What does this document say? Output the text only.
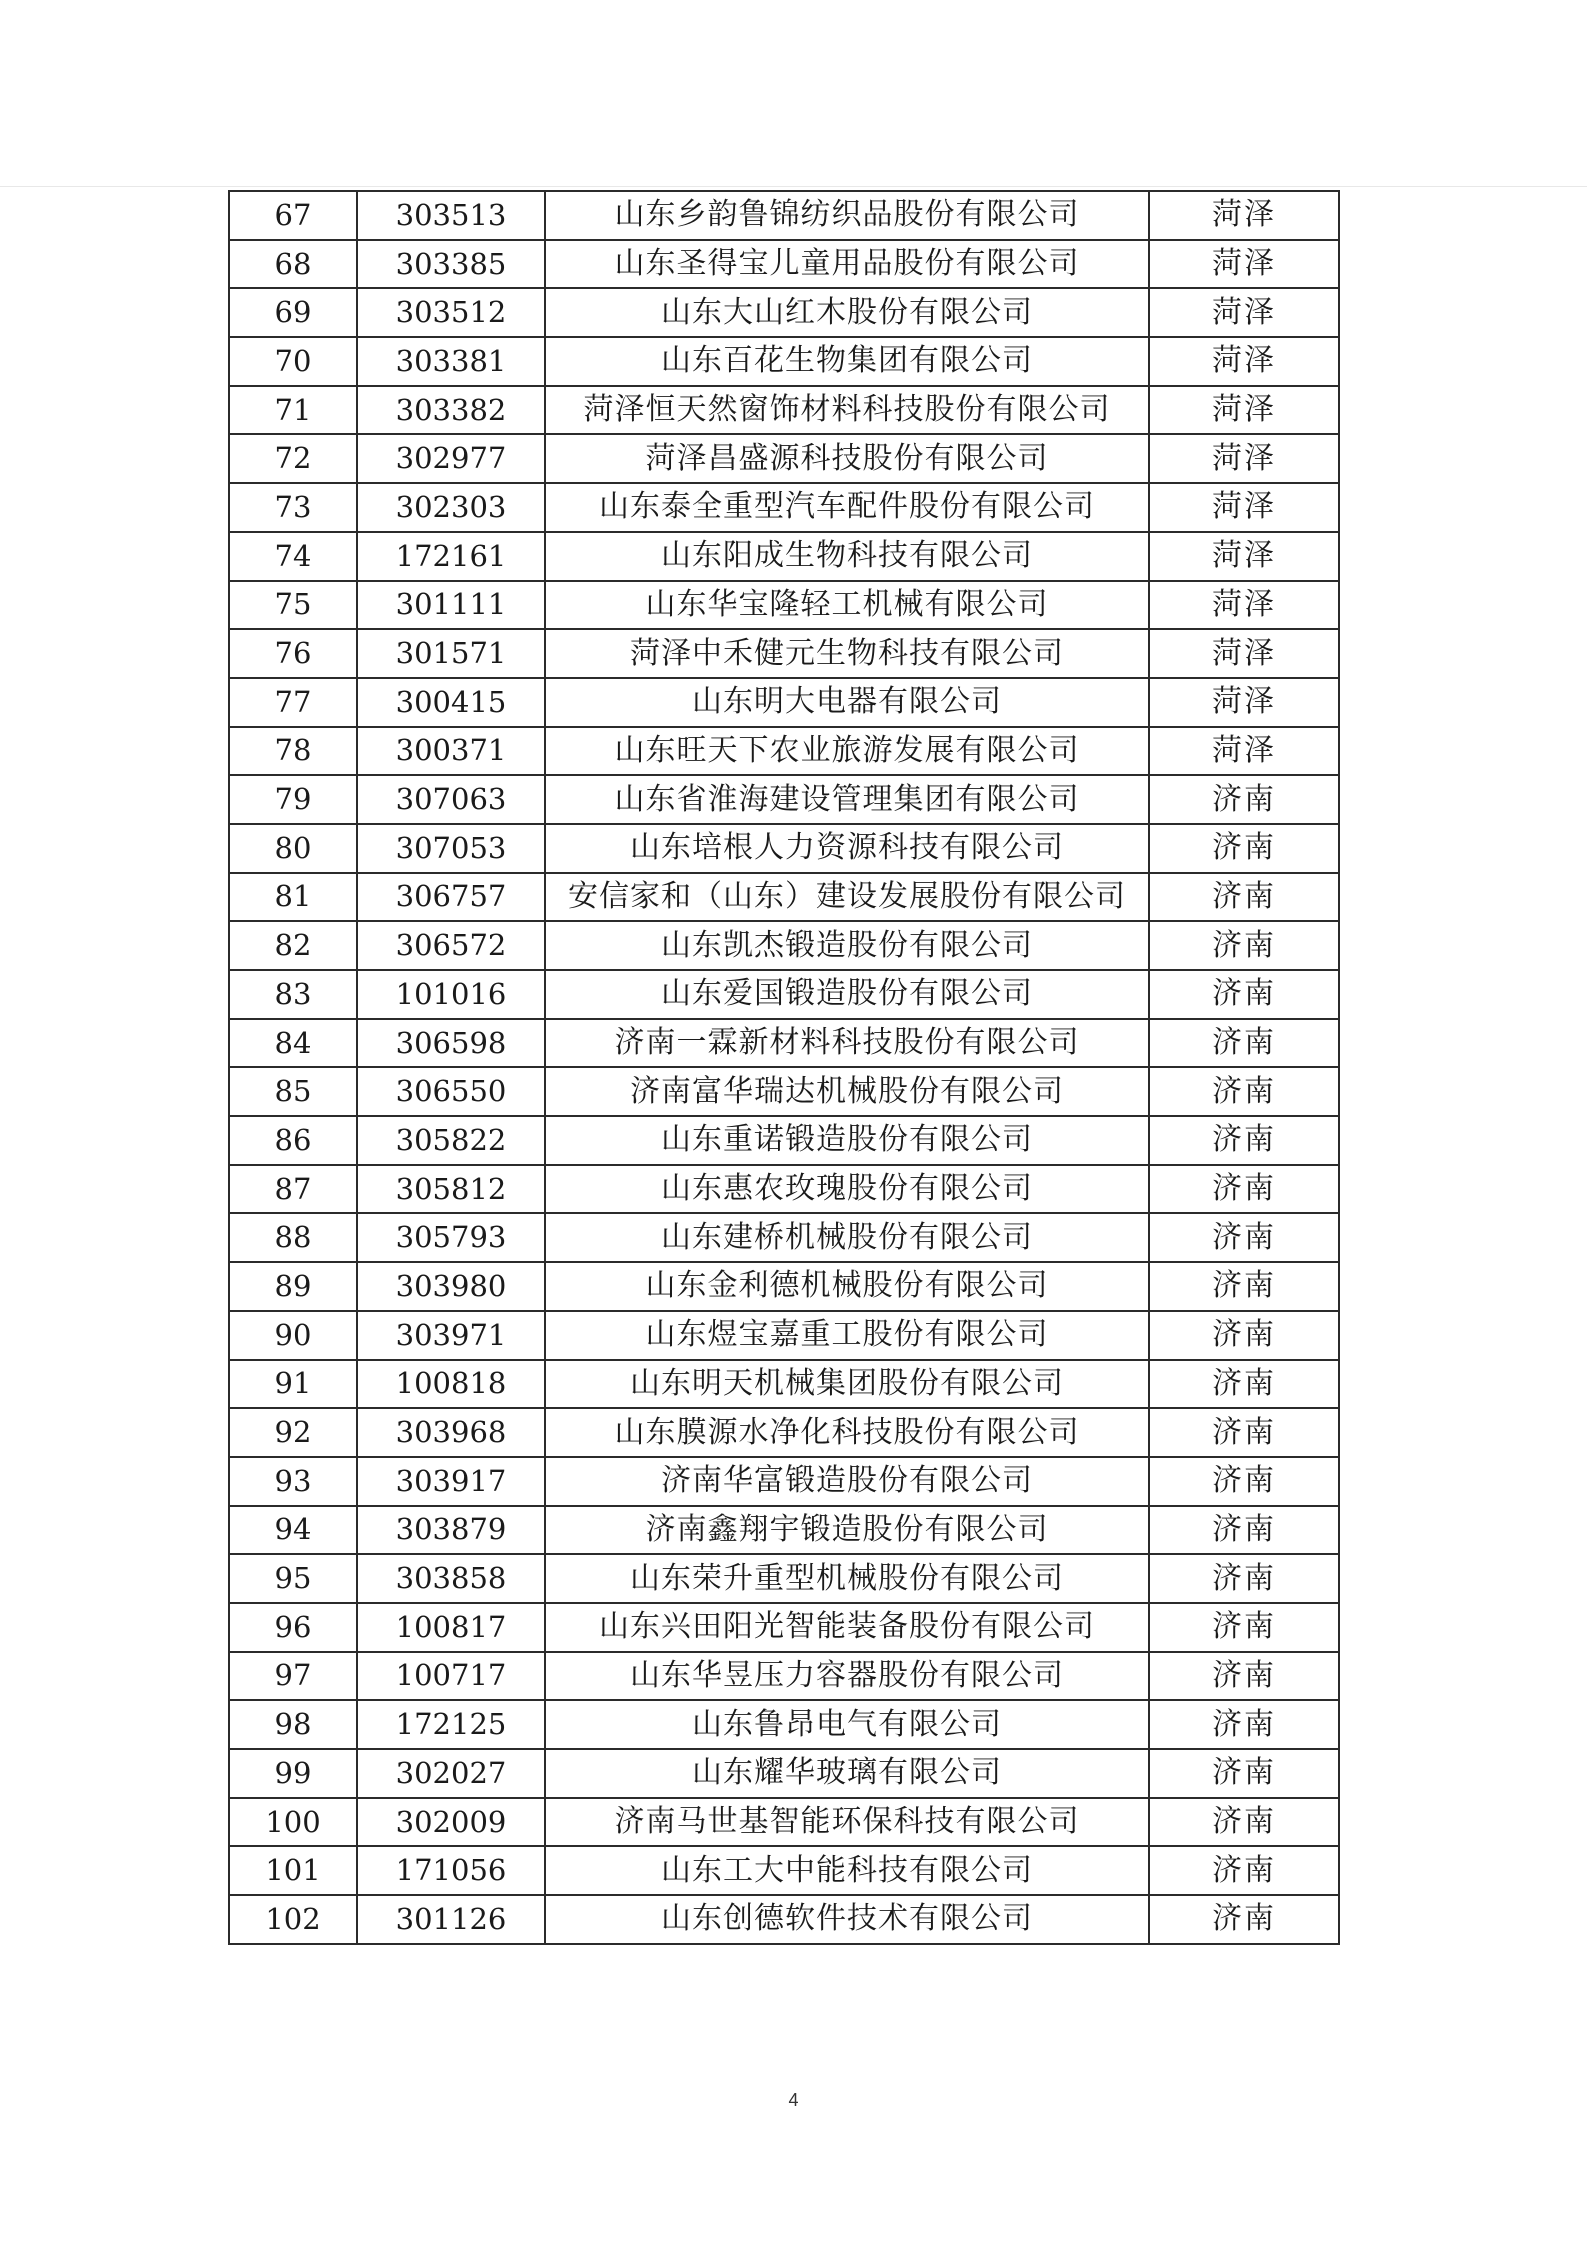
67	303513	山东乡韵鲁锦纺织品股份有限公司	菏泽
68	303385	山东圣得宝儿童用品股份有限公司	菏泽
69	303512	山东大山红木股份有限公司	菏泽
70	303381	山东百花生物集团有限公司	菏泽
71	303382	菏泽恒天然窗饰材料科技股份有限公司	菏泽
72	302977	菏泽昌盛源科技股份有限公司	菏泽
73	302303	山东泰全重型汽车配件股份有限公司	菏泽
74	172161	山东阳成生物科技有限公司	菏泽
75	301111	山东华宝隆轻工机械有限公司	菏泽
76	301571	菏泽中禾健元生物科技有限公司	菏泽
77	300415	山东明大电器有限公司	菏泽
78	300371	山东旺天下农业旅游发展有限公司	菏泽
79	307063	山东省淮海建设管理集团有限公司	济南
80	307053	山东培根人力资源科技有限公司	济南
81	306757	安信家和（山东）建设发展股份有限公司	济南
82	306572	山东凯杰锻造股份有限公司	济南
83	101016	山东爱国锻造股份有限公司	济南
84	306598	济南一霖新材料科技股份有限公司	济南
85	306550	济南富华瑞达机械股份有限公司	济南
86	305822	山东重诺锻造股份有限公司	济南
87	305812	山东惠农玫瑰股份有限公司	济南
88	305793	山东建桥机械股份有限公司	济南
89	303980	山东金利德机械股份有限公司	济南
90	303971	山东煜宝嘉重工股份有限公司	济南
91	100818	山东明天机械集团股份有限公司	济南
92	303968	山东膜源水净化科技股份有限公司	济南
93	303917	济南华富锻造股份有限公司	济南
94	303879	济南鑫翔宇锻造股份有限公司	济南
95	303858	山东荣升重型机械股份有限公司	济南
96	100817	山东兴田阳光智能装备股份有限公司	济南
97	100717	山东华昱压力容器股份有限公司	济南
98	172125	山东鲁昂电气有限公司	济南
99	302027	山东耀华玻璃有限公司	济南
100	302009	济南马世基智能环保科技有限公司	济南
101	171056	山东工大中能科技有限公司	济南
102	301126	山东创德软件技术有限公司	济南
4
